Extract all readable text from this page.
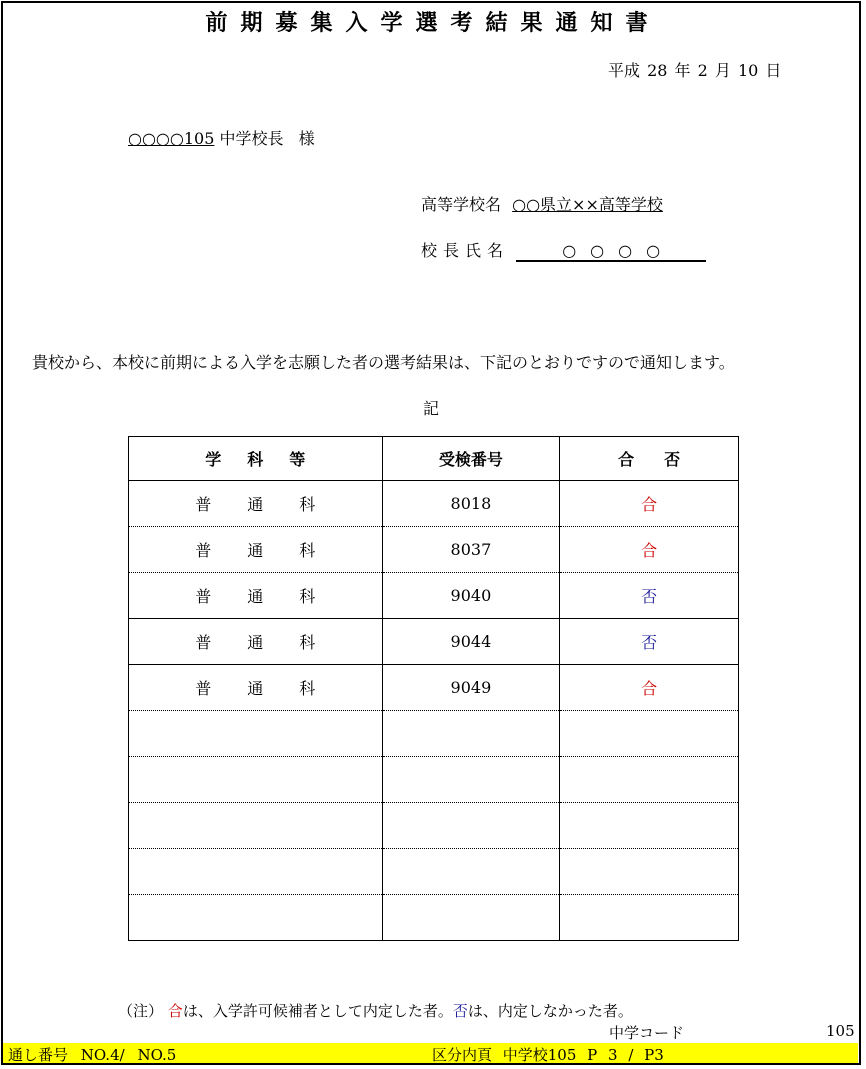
前期募集入学選考結果通知書
平成 28 年 2 月 10 日
○○○○105 中学校長 様
高等学校名 ○○県立××高等学校
校長氏名	○○○○
貴校から、本校に前期による入学を志願した者の選考結果は、下記のとおりですので通知します。
記
学科等	受検番号	合否
普通科	8018	合
普通科	8037	合
普通科	9040	否
普通科	9044	否
普通科	9049	合

（注） 合は、入学許可候補者として内定した者。否は、内定しなかった者。
中学コード	105
通し番号 NO.4/ NO.5	区分内頁 中学校105 P 3 / P3
